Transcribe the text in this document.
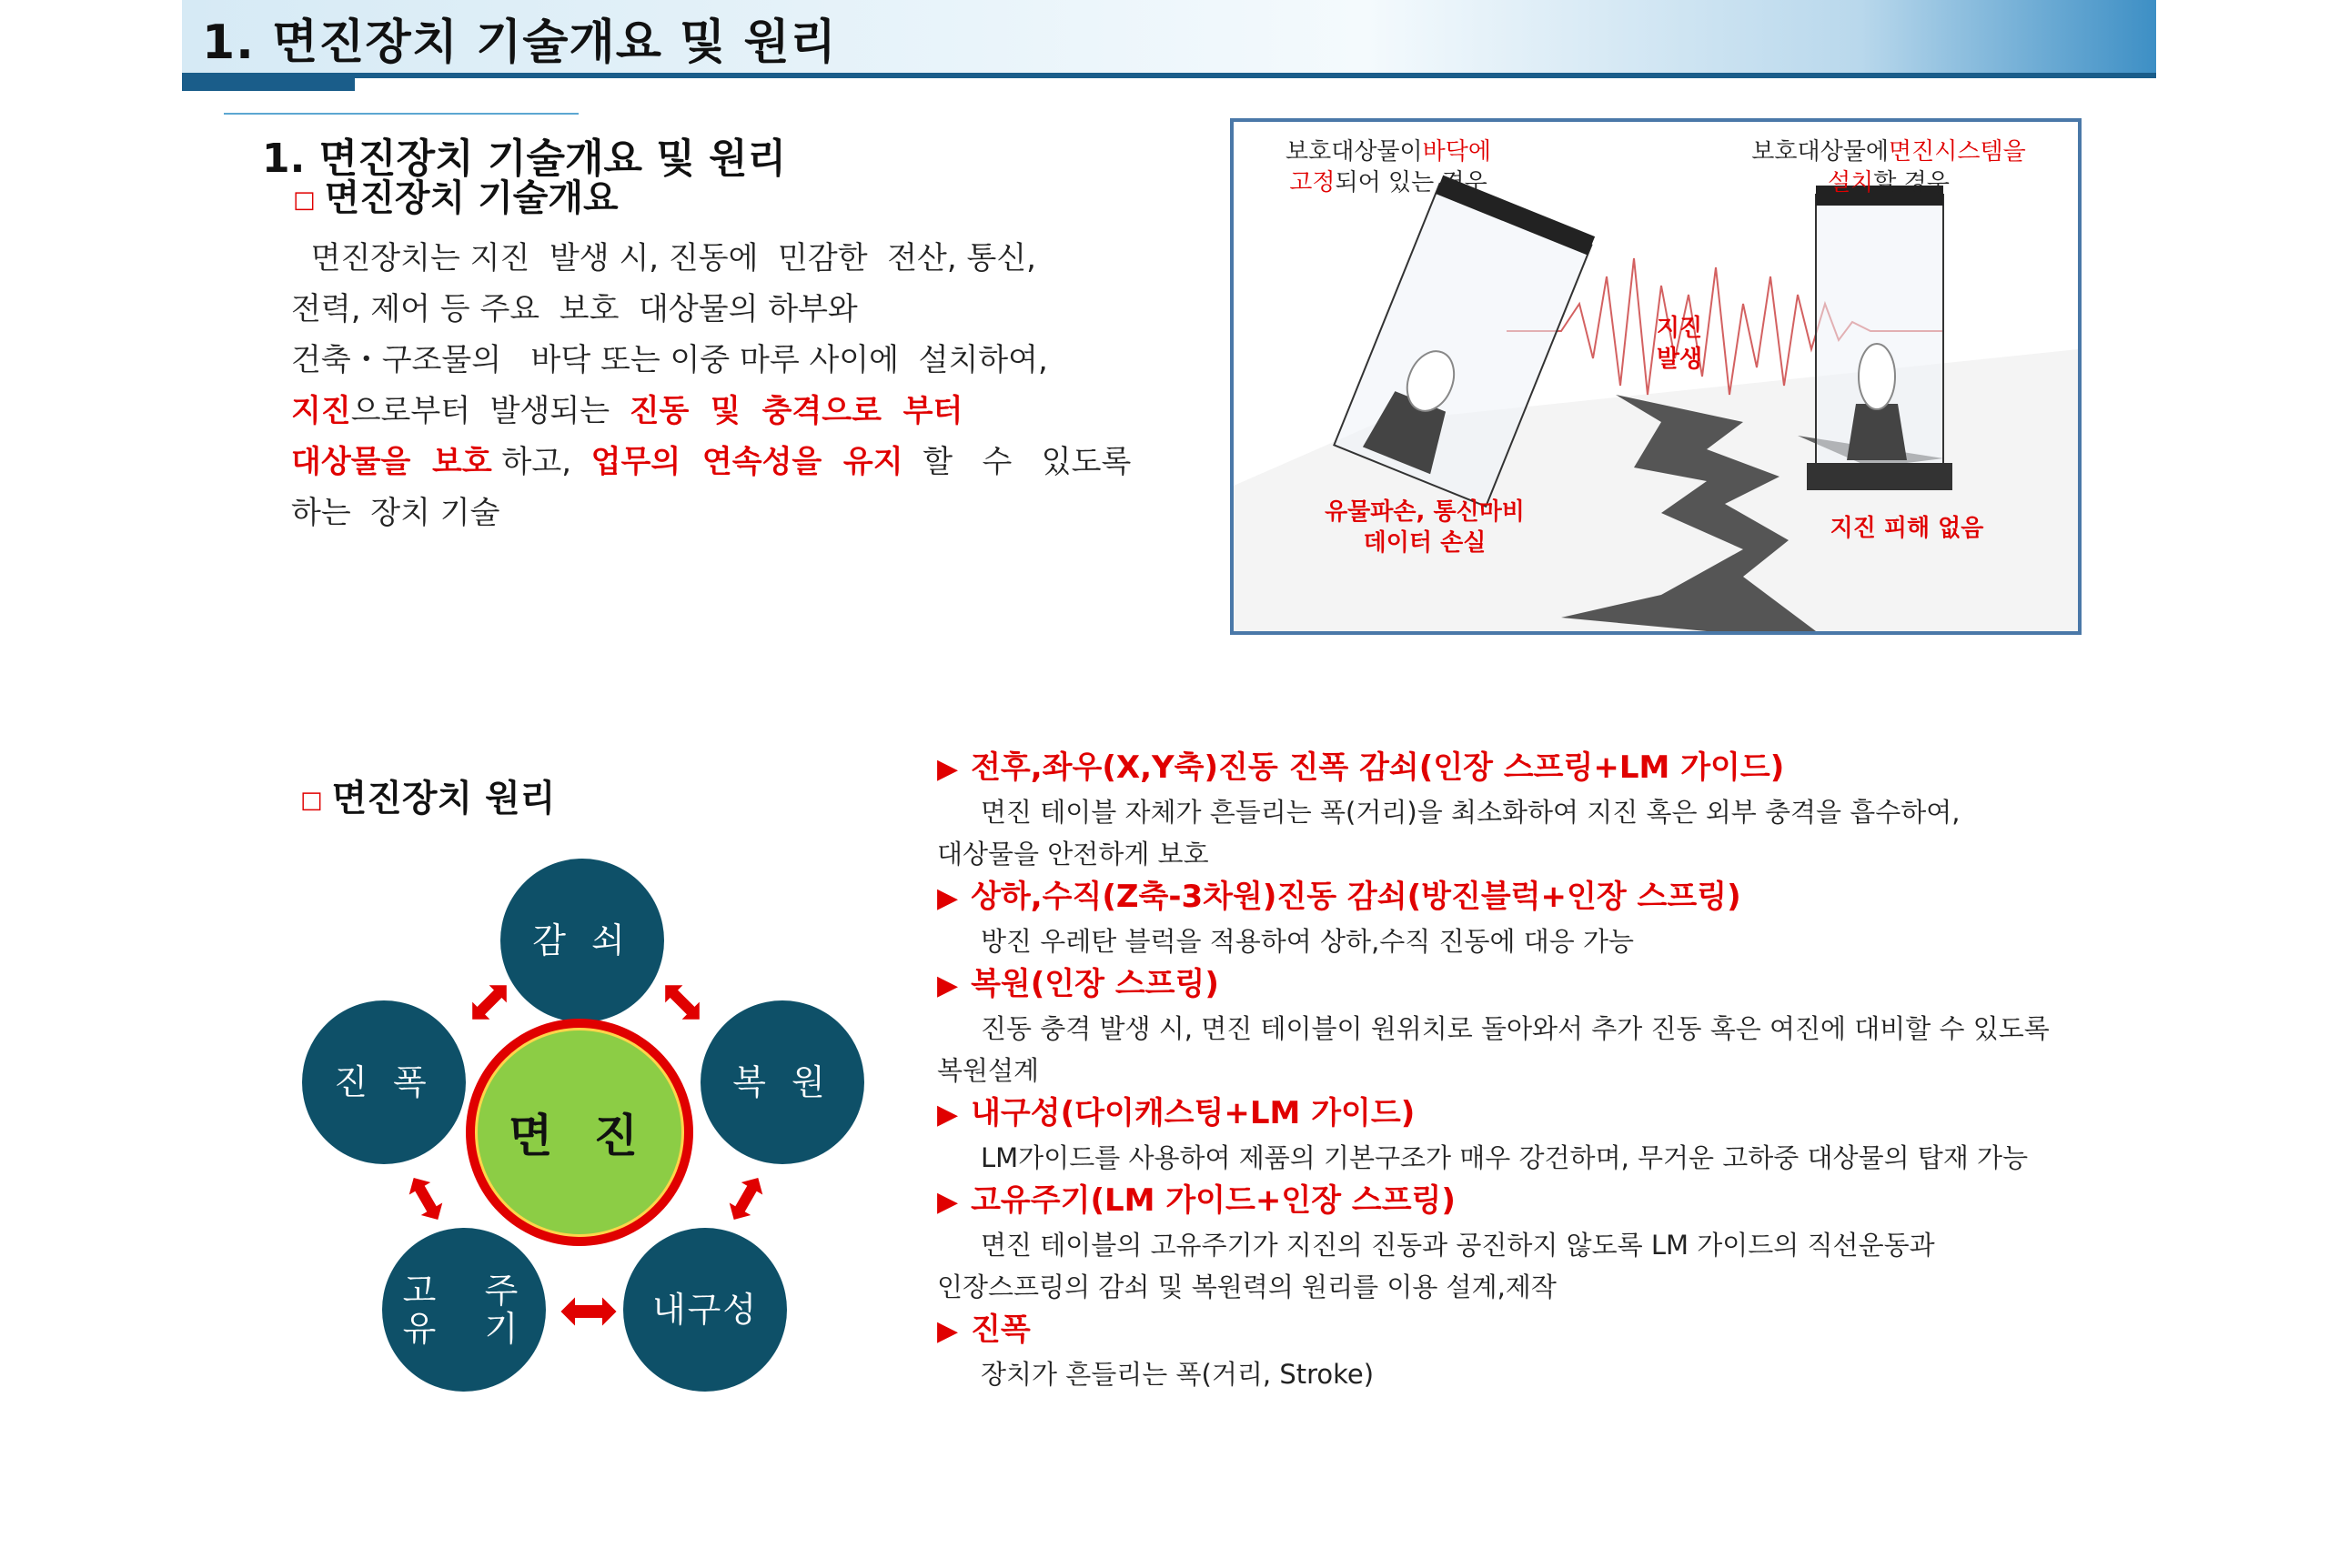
1. 면진장치 기술개요 및 원리
1. 면진장치 기술개요 및 원리
□ 면진장치 기술개요
면진장치는 지진  발생 시, 진동에  민감한  전산, 통신,
전력, 제어 등 주요  보호  대상물의 하부와
건축・구조물의   바닥 또는 이중 마루 사이에  설치하여,
지진으로부터  발생되는  진동  및  충격으로  부터
대상물을  보호 하고,  업무의  연속성을  유지  할   수   있도록
하는  장치 기술
보호대상물이바닥에
고정되어 있는 경우
보호대상물에면진시스템을
설치할 경우
지진
발생
유물파손, 통신마비
데이터 손실
지진 피해 없음
□ 면진장치 원리
감 쇠
진 폭	복 원
고 유

주 기	내구성
면 진
▶ 전후,좌우(X,Y축)진동 진폭 감쇠(인장 스프링+LM 가이드)
면진 테이블 자체가 흔들리는 폭(거리)을 최소화하여 지진 혹은 외부 충격을 흡수하여,
대상물을 안전하게 보호
▶ 상하,수직(Z축-3차원)진동 감쇠(방진블럭+인장 스프링)
방진 우레탄 블럭을 적용하여 상하,수직 진동에 대응 가능
▶ 복원(인장 스프링)
진동 충격 발생 시, 면진 테이블이 원위치로 돌아와서 추가 진동 혹은 여진에 대비할 수 있도록
복원설계
▶ 내구성(다이캐스팅+LM 가이드)
LM가이드를 사용하여 제품의 기본구조가 매우 강건하며, 무거운 고하중 대상물의 탑재 가능
▶ 고유주기(LM 가이드+인장 스프링)
면진 테이블의 고유주기가 지진의 진동과 공진하지 않도록 LM 가이드의 직선운동과
인장스프링의 감쇠 및 복원력의 원리를 이용 설계,제작
▶ 진폭
장치가 흔들리는 폭(거리, Stroke)
